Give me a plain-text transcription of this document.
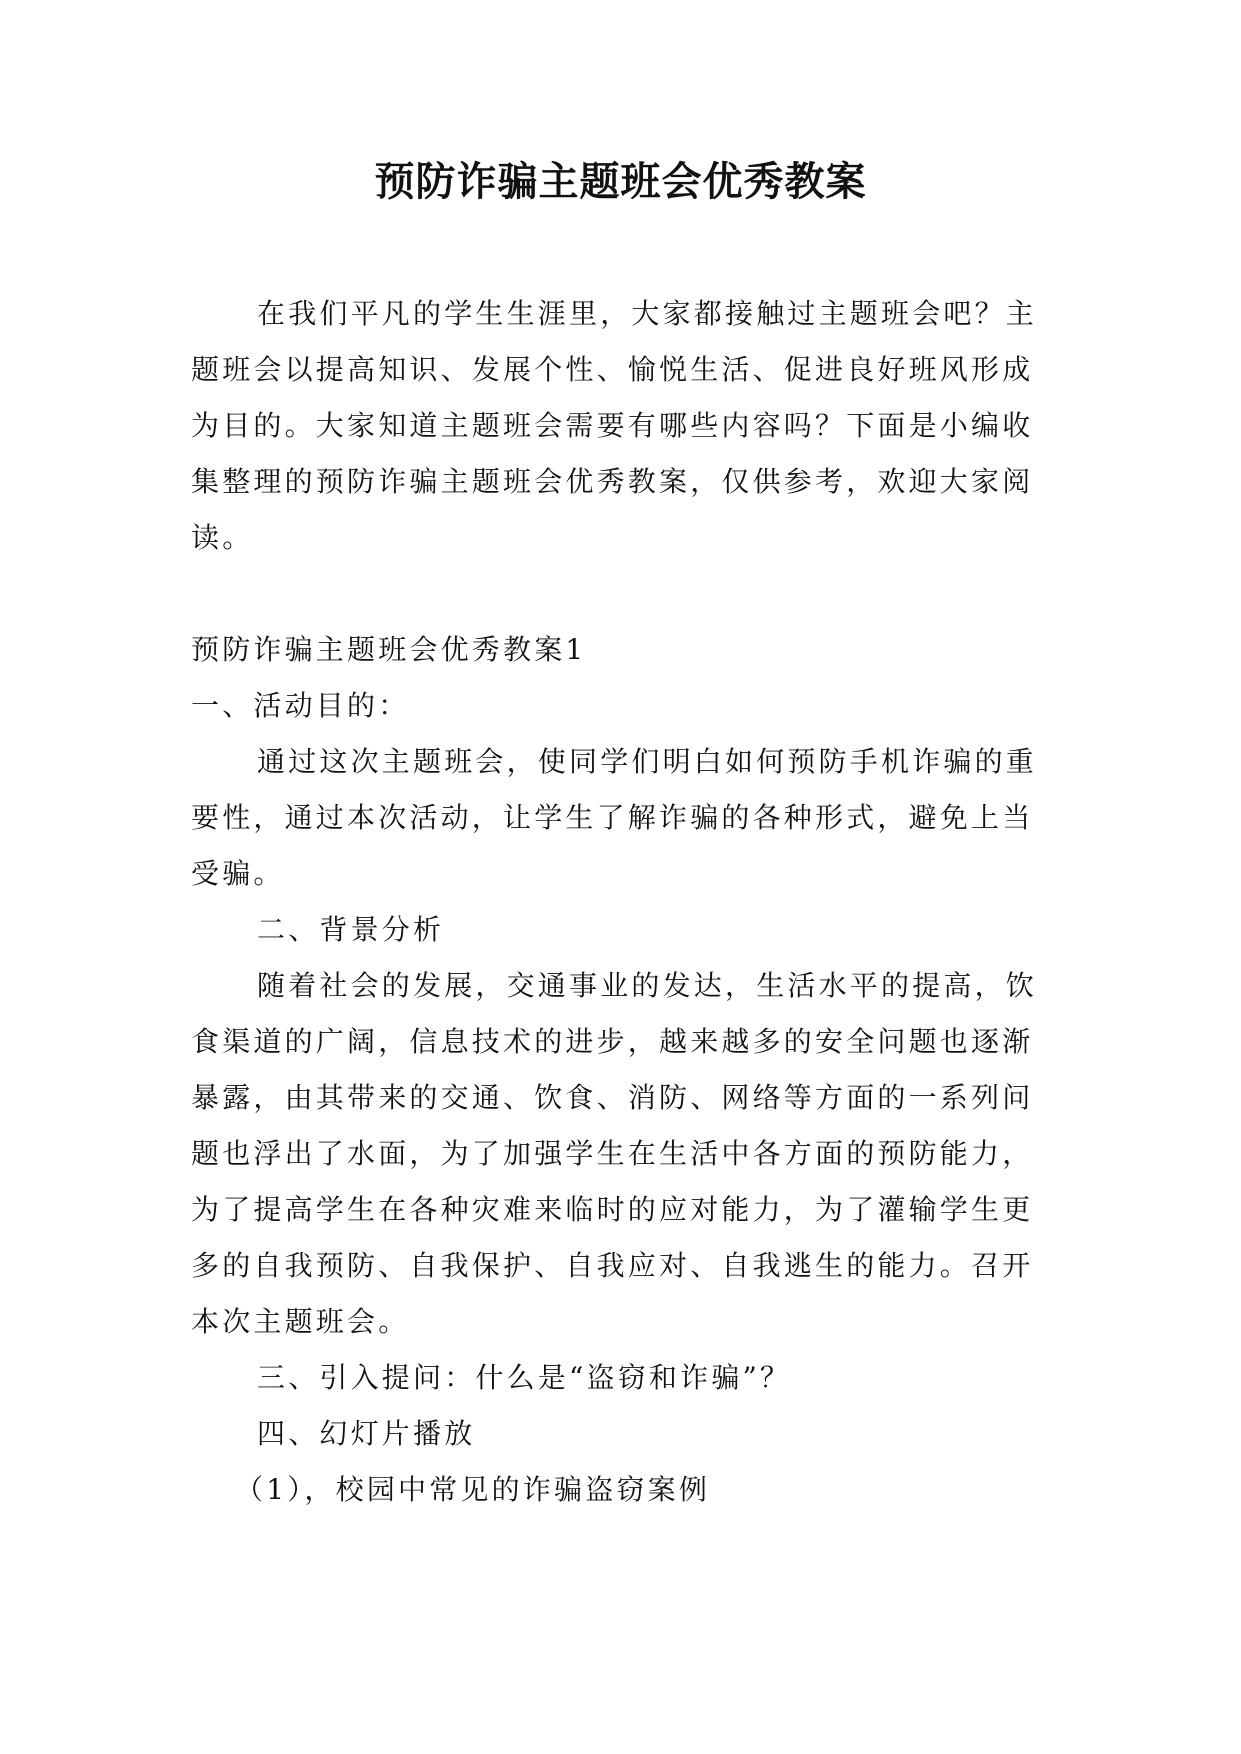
预防诈骗主题班会优秀教案

在我们平凡的学生生涯里，大家都接触过主题班会吧？主题班会以提高知识、发展个性、愉悦生活、促进良好班风形成为目的。大家知道主题班会需要有哪些内容吗？下面是小编收集整理的预防诈骗主题班会优秀教案，仅供参考，欢迎大家阅读。

预防诈骗主题班会优秀教案1

一、活动目的：

通过这次主题班会，使同学们明白如何预防手机诈骗的重要性，通过本次活动，让学生了解诈骗的各种形式，避免上当受骗。

二、背景分析

随着社会的发展，交通事业的发达，生活水平的提高，饮食渠道的广阔，信息技术的进步，越来越多的安全问题也逐渐暴露，由其带来的交通、饮食、消防、网络等方面的一系列问题也浮出了水面，为了加强学生在生活中各方面的预防能力，为了提高学生在各种灾难来临时的应对能力，为了灌输学生更多的自我预防、自我保护、自我应对、自我逃生的能力。召开本次主题班会。

三、引入提问：什么是“盗窃和诈骗”？

四、幻灯片播放

（1），校园中常见的诈骗盗窃案例
